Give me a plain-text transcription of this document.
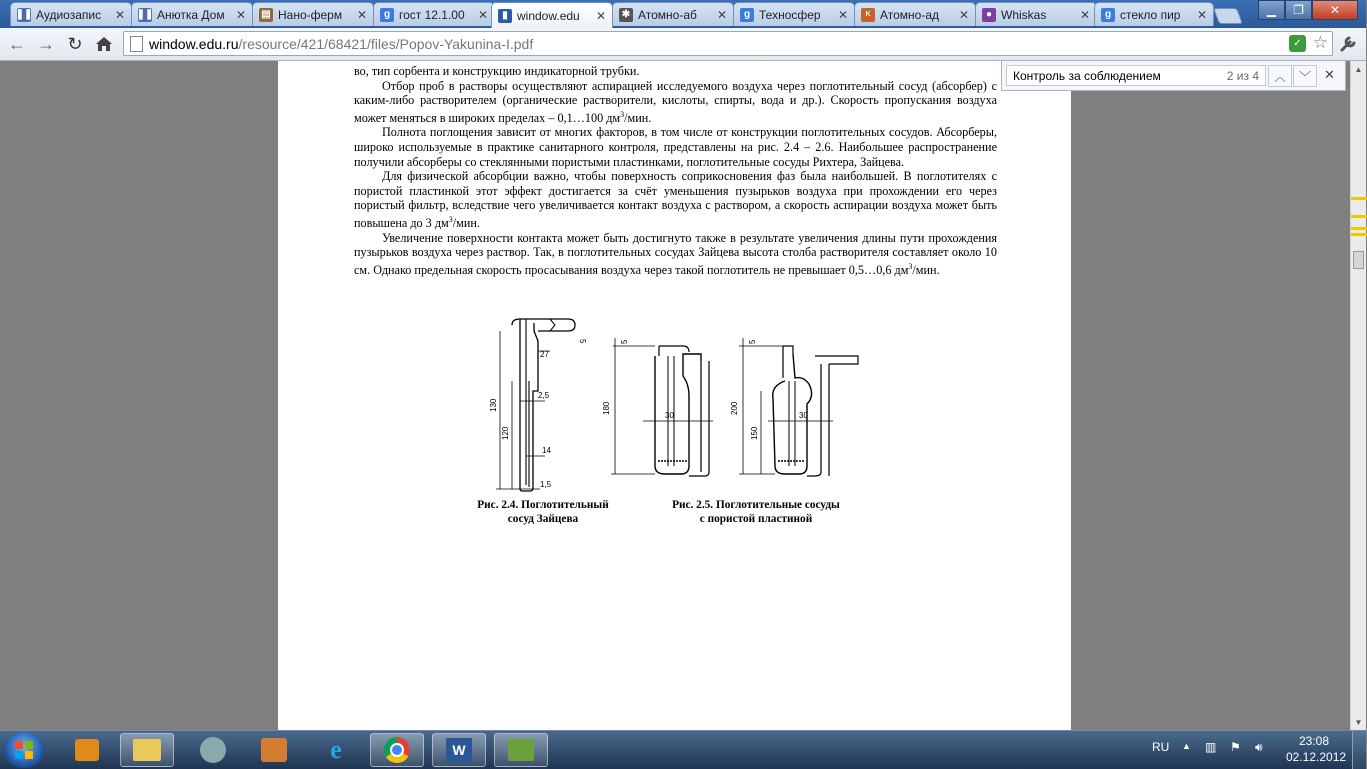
❚❚ Аудиозапис	✕ ❚❚ Анютка Дом ✕ ▤ Нано-ферм	✕	g гост 12.1.00	✕	▮ window.edu	✕ ✱ Атомно-аб	✕	g Техносфер	✕	K Атомно-ад	✕	● Whiskas	✕	g стекло пир	✕	▁ ❐ ✕
← → ↻	window.edu.ru/resource/421/68421/files/Popov-Yakunina-I.pdf	✓ ☆

во, тип сорбента и конструкцию индикаторной трубки.

Отбор проб в растворы осуществляют аспирацией исследуемого воздуха через поглотительный сосуд (абсорбер) с каким-либо растворителем (органические растворители, кислоты, спирты, вода и др.). Скорость пропускания воздуха может меняться в широких пределах – 0,1…100 $дм^3$/мин.

Полнота поглощения зависит от многих факторов, в том числе от конструкции поглотительных сосудов. Абсорберы, широко используемые в практике санитарного контроля, представлены на рис. 2.4 – 2.6. Наибольшее распространение получили абсорберы со стеклянными пористыми пластинками, поглотительные сосуды Рихтера, Зайцева.

Для физической абсорбции важно, чтобы поверхность соприкосновения фаз была наибольшей. В поглотителях с пористой пластинкой этот эффект достигается за счёт уменьшения пузырьков воздуха при прохождении его через пористый фильтр, вследствие чего увеличивается контакт воздуха с раствором, а скорость аспирации воздуха может быть повышена до 3 $дм^3$/мин.

Увеличение поверхности контакта может быть достигнуто также в результате увеличения длины пути прохождения пузырьков воздуха через раствор. Так, в поглотительных сосудах Зайцева высота столба растворителя составляет около 10 см. Однако предельная скорость просасывания воздуха через такой поглотитель не превышает 0,5…0,6 $дм^3$/мин.

130
120
27
2,5
14
1,5
5
Рис. 2.4. Поглотительный
сосуд Зайцева
5
180
30
5
200
150
30
Рис. 2.5. Поглотительные сосуды
с пористой пластиной
Контроль за соблюдением	2 из 4 ︿ ﹀ ✕	▲
▼
e	W	RU ▲ ▥ ⚑ 🔊︎	23:08
02.12.2012
